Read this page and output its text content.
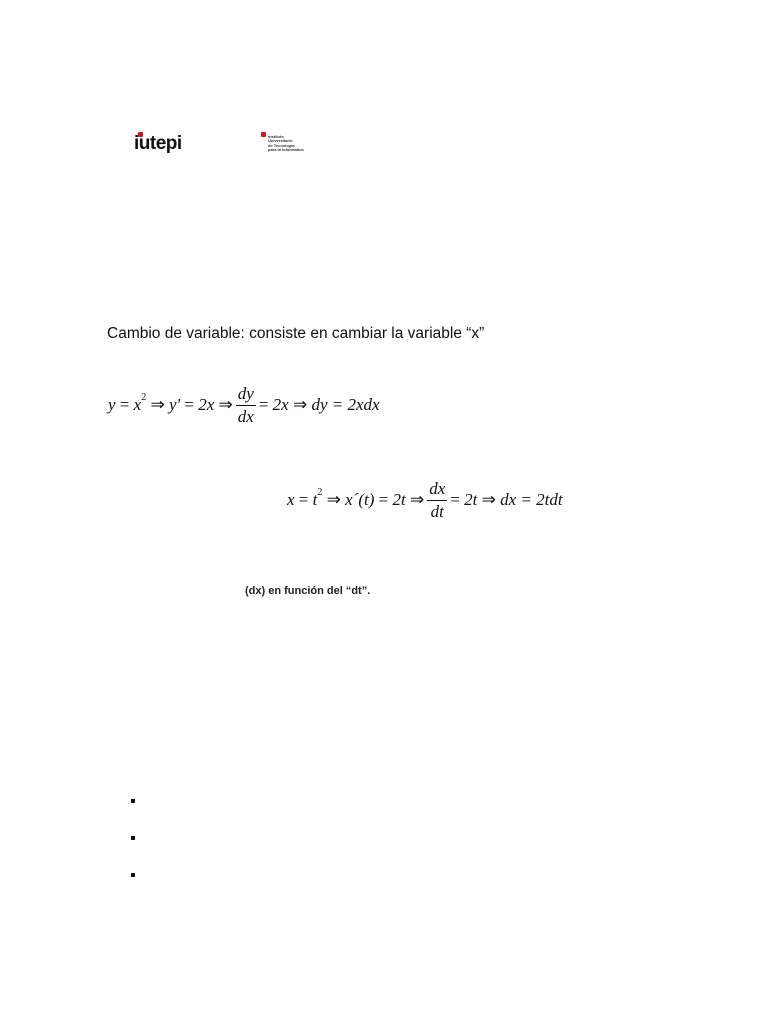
iutepi	Instituto
Universitario
de Tecnología
para la Informática
Cambio de variable: consiste en cambiar la variable “x”
y
=
$x^2$
⇒
y'
=
2x
⇒ $\frac{dy}{dx}$ =
2x
⇒
dy = 2xdx
x
=
$t^2$
⇒
x´(t)
=
2t
⇒ $\frac{dx}{dt}$ =
2t
⇒
dx = 2tdt
(dx) en función del “dt”.
